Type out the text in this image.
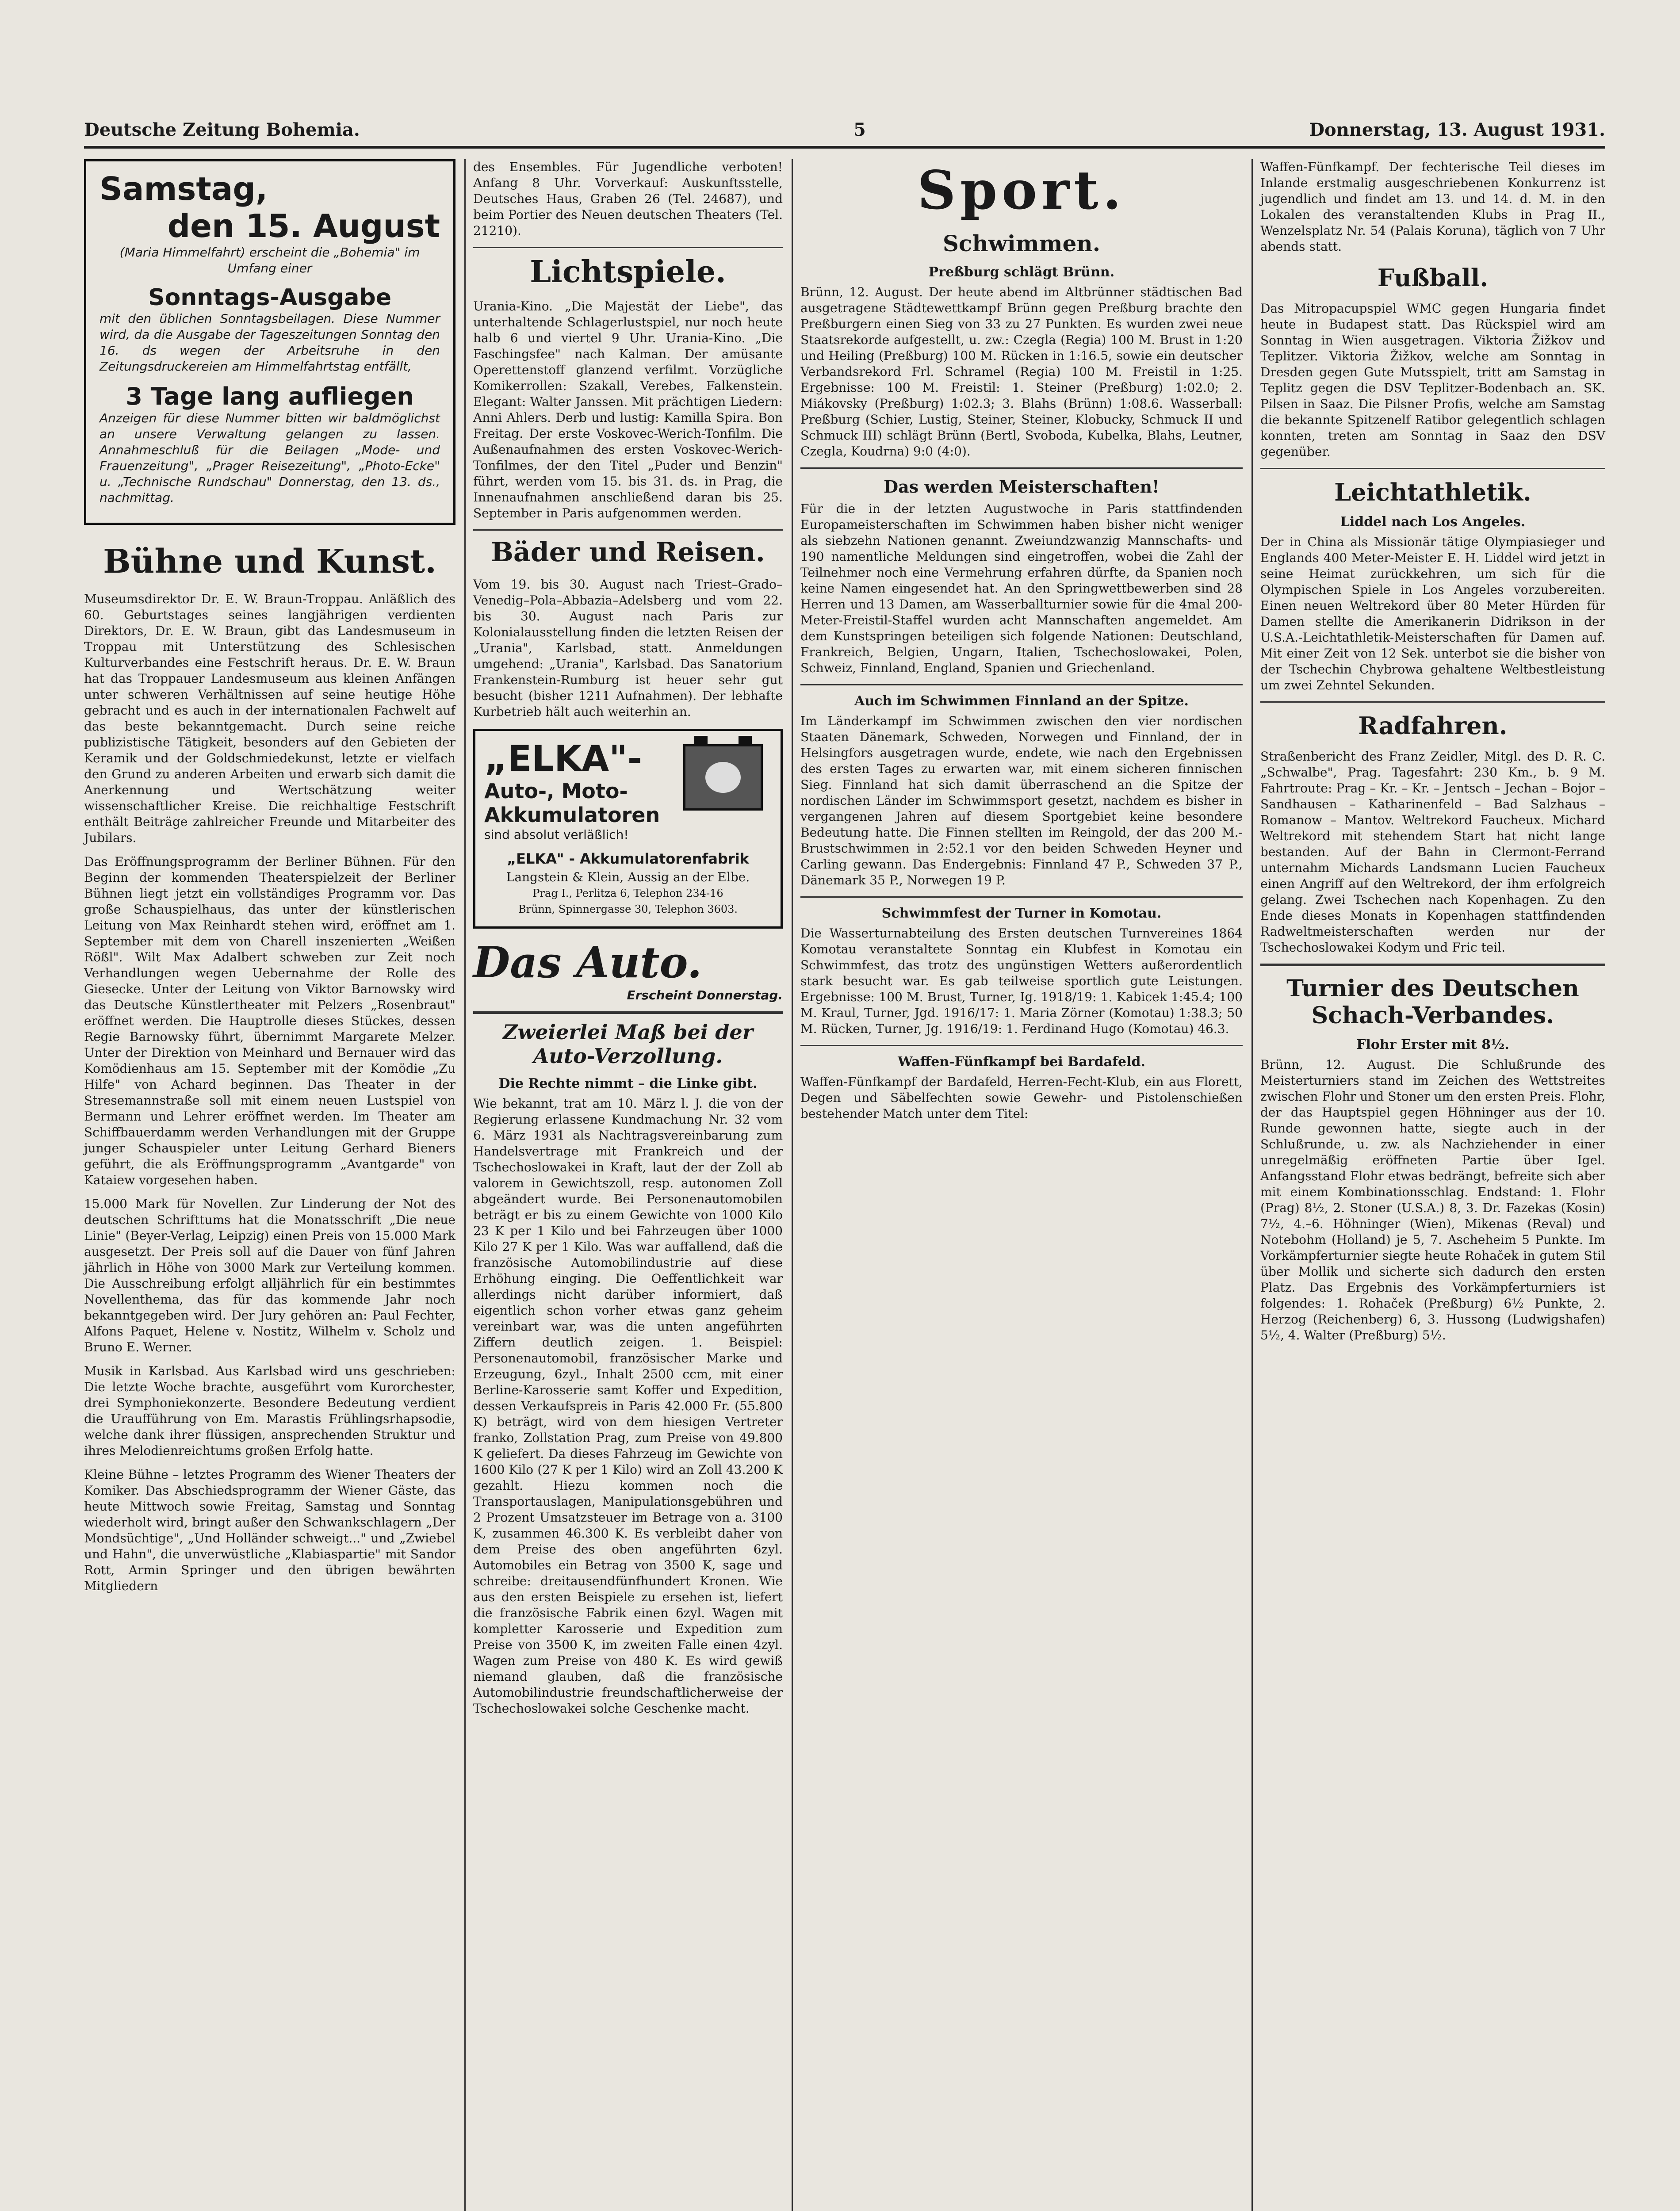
Deutsche Zeitung Bohemia.	5	Donnerstag, 13. August 1931.

Samstag,

den 15. August

(Maria Himmelfahrt) erscheint die „Bohemia" im Umfang einer

Sonntags-Ausgabe

mit den üblichen Sonntagsbeilagen. Diese Nummer wird, da die Ausgabe der Tageszeitungen Sonntag den 16. ds wegen der Arbeitsruhe in den Zeitungsdruckereien am Himmelfahrtstag entfällt,

3 Tage lang aufliegen

Anzeigen für diese Nummer bitten wir baldmöglichst an unsere Verwaltung gelangen zu lassen. Annahmeschluß für die Beilagen „Mode- und Frauenzeitung", „Prager Reisezeitung", „Photo-Ecke" u. „Technische Rundschau" Donnerstag, den 13. ds., nachmittag.

Bühne und Kunst.

Museumsdirektor Dr. E. W. Braun-Troppau. Anläßlich des 60. Geburtstages seines langjährigen verdienten Direktors, Dr. E. W. Braun, gibt das Landesmuseum in Troppau mit Unterstützung des Schlesischen Kulturverbandes eine Festschrift heraus. Dr. E. W. Braun hat das Troppauer Landesmuseum aus kleinen Anfängen unter schweren Verhältnissen auf seine heutige Höhe gebracht und es auch in der internationalen Fachwelt auf das beste bekanntgemacht. Durch seine reiche publizistische Tätigkeit, besonders auf den Gebieten der Keramik und der Goldschmiedekunst, letzte er vielfach den Grund zu anderen Arbeiten und erwarb sich damit die Anerkennung und Wertschätzung weiter wissenschaftlicher Kreise. Die reichhaltige Festschrift enthält Beiträge zahlreicher Freunde und Mitarbeiter des Jubilars.

Das Eröffnungsprogramm der Berliner Bühnen. Für den Beginn der kommenden Theaterspielzeit der Berliner Bühnen liegt jetzt ein vollständiges Programm vor. Das große Schauspielhaus, das unter der künstlerischen Leitung von Max Reinhardt stehen wird, eröffnet am 1. September mit dem von Charell inszenierten „Weißen Rößl". Wilt Max Adalbert schweben zur Zeit noch Verhandlungen wegen Uebernahme der Rolle des Giesecke. Unter der Leitung von Viktor Barnowsky wird das Deutsche Künstlertheater mit Pelzers „Rosenbraut" eröffnet werden. Die Hauptrolle dieses Stückes, dessen Regie Barnowsky führt, übernimmt Margarete Melzer. Unter der Direktion von Meinhard und Bernauer wird das Komödienhaus am 15. September mit der Komödie „Zu Hilfe" von Achard beginnen. Das Theater in der Stresemannstraße soll mit einem neuen Lustspiel von Bermann und Lehrer eröffnet werden. Im Theater am Schiffbauerdamm werden Verhandlungen mit der Gruppe junger Schauspieler unter Leitung Gerhard Bieners geführt, die als Eröffnungsprogramm „Avantgarde" von Kataiew vorgesehen haben.

15.000 Mark für Novellen. Zur Linderung der Not des deutschen Schrifttums hat die Monatsschrift „Die neue Linie" (Beyer-Verlag, Leipzig) einen Preis von 15.000 Mark ausgesetzt. Der Preis soll auf die Dauer von fünf Jahren jährlich in Höhe von 3000 Mark zur Verteilung kommen. Die Ausschreibung erfolgt alljährlich für ein bestimmtes Novellenthema, das für das kommende Jahr noch bekanntgegeben wird. Der Jury gehören an: Paul Fechter, Alfons Paquet, Helene v. Nostitz, Wilhelm v. Scholz und Bruno E. Werner.

Musik in Karlsbad. Aus Karlsbad wird uns geschrieben: Die letzte Woche brachte, ausgeführt vom Kurorchester, drei Symphoniekonzerte. Besondere Bedeutung verdient die Uraufführung von Em. Marastis Frühlingsrhapsodie, welche dank ihrer flüssigen, ansprechenden Struktur und ihres Melodienreichtums großen Erfolg hatte.

Kleine Bühne – letztes Programm des Wiener Theaters der Komiker. Das Abschiedsprogramm der Wiener Gäste, das heute Mittwoch sowie Freitag, Samstag und Sonntag wiederholt wird, bringt außer den Schwankschlagern „Der Mondsüchtige", „Und Holländer schweigt..." und „Zwiebel und Hahn", die unverwüstliche „Klabiaspartie" mit Sandor Rott, Armin Springer und den übrigen bewährten Mitgliedern

des Ensembles. Für Jugendliche verboten! Anfang 8 Uhr. Vorverkauf: Auskunftsstelle, Deutsches Haus, Graben 26 (Tel. 24687), und beim Portier des Neuen deutschen Theaters (Tel. 21210).

Lichtspiele.

Urania-Kino. „Die Majestät der Liebe", das unterhaltende Schlagerlustspiel, nur noch heute halb 6 und viertel 9 Uhr. Urania-Kino. „Die Faschingsfee" nach Kalman. Der amüsante Operettenstoff glanzend verfilmt. Vorzügliche Komikerrollen: Szakall, Verebes, Falkenstein. Elegant: Walter Janssen. Mit prächtigen Liedern: Anni Ahlers. Derb und lustig: Kamilla Spira. Bon Freitag. Der erste Voskovec-Werich-Tonfilm. Die Außenaufnahmen des ersten Voskovec-Werich-Tonfilmes, der den Titel „Puder und Benzin" führt, werden vom 15. bis 31. ds. in Prag, die Innenaufnahmen anschließend daran bis 25. September in Paris aufgenommen werden.

Bäder und Reisen.

Vom 19. bis 30. August nach Triest–Grado–Venedig–Pola–Abbazia–Adelsberg und vom 22. bis 30. August nach Paris zur Kolonialausstellung finden die letzten Reisen der „Urania", Karlsbad, statt. Anmeldungen umgehend: „Urania", Karlsbad. Das Sanatorium Frankenstein-Rumburg ist heuer sehr gut besucht (bisher 1211 Aufnahmen). Der lebhafte Kurbetrieb hält auch weiterhin an.

„ELKA"-

Auto-, Moto-

Akkumulatoren

sind absolut verläßlich!

„ELKA" - Akkumulatorenfabrik

Langstein & Klein, Aussig an der Elbe.

Prag I., Perlitza 6, Telephon 234-16

Brünn, Spinnergasse 30, Telephon 3603.

Das Auto.

Erscheint Donnerstag.

Zweierlei Maß bei der Auto-Verzollung.

Die Rechte nimmt – die Linke gibt.

Wie bekannt, trat am 10. März l. J. die von der Regierung erlassene Kundmachung Nr. 32 vom 6. März 1931 als Nachtragsvereinbarung zum Handelsvertrage mit Frankreich und der Tschechoslowakei in Kraft, laut der der Zoll ab valorem in Gewichtszoll, resp. autonomen Zoll abgeändert wurde. Bei Personenautomobilen beträgt er bis zu einem Gewichte von 1000 Kilo 23 K per 1 Kilo und bei Fahrzeugen über 1000 Kilo 27 K per 1 Kilo. Was war auffallend, daß die französische Automobilindustrie auf diese Erhöhung einging. Die Oeffentlichkeit war allerdings nicht darüber informiert, daß eigentlich schon vorher etwas ganz geheim vereinbart war, was die unten angeführten Ziffern deutlich zeigen. 1. Beispiel: Personenautomobil, französischer Marke und Erzeugung, 6zyl., Inhalt 2500 ccm, mit einer Berline-Karosserie samt Koffer und Expedition, dessen Verkaufspreis in Paris 42.000 Fr. (55.800 K) beträgt, wird von dem hiesigen Vertreter franko, Zollstation Prag, zum Preise von 49.800 K geliefert. Da dieses Fahrzeug im Gewichte von 1600 Kilo (27 K per 1 Kilo) wird an Zoll 43.200 K gezahlt. Hiezu kommen noch die Transportauslagen, Manipulationsgebühren und 2 Prozent Umsatzsteuer im Betrage von a. 3100 K, zusammen 46.300 K. Es verbleibt daher von dem Preise des oben angeführten 6zyl. Automobiles ein Betrag von 3500 K, sage und schreibe: dreitausendfünfhundert Kronen. Wie aus den ersten Beispiele zu ersehen ist, liefert die französische Fabrik einen 6zyl. Wagen mit kompletter Karosserie und Expedition zum Preise von 3500 K, im zweiten Falle einen 4zyl. Wagen zum Preise von 480 K. Es wird gewiß niemand glauben, daß die französische Automobilindustrie freundschaftlicherweise der Tschechoslowakei solche Geschenke macht.

Sport.

Schwimmen.

Preßburg schlägt Brünn.

Brünn, 12. August. Der heute abend im Altbrünner städtischen Bad ausgetragene Städtewettkampf Brünn gegen Preßburg brachte den Preßburgern einen Sieg von 33 zu 27 Punkten. Es wurden zwei neue Staatsrekorde aufgestellt, u. zw.: Czegla (Regia) 100 M. Brust in 1:20 und Heiling (Preßburg) 100 M. Rücken in 1:16.5, sowie ein deutscher Verbandsrekord Frl. Schramel (Regia) 100 M. Freistil in 1:25. Ergebnisse: 100 M. Freistil: 1. Steiner (Preßburg) 1:02.0; 2. Miákovsky (Preßburg) 1:02.3; 3. Blahs (Brünn) 1:08.6. Wasserball: Preßburg (Schier, Lustig, Steiner, Steiner, Klobucky, Schmuck II und Schmuck III) schlägt Brünn (Bertl, Svoboda, Kubelka, Blahs, Leutner, Czegla, Koudrna) 9:0 (4:0).

Das werden Meisterschaften!

Für die in der letzten Augustwoche in Paris stattfindenden Europameisterschaften im Schwimmen haben bisher nicht weniger als siebzehn Nationen genannt. Zweiundzwanzig Mannschafts- und 190 namentliche Meldungen sind eingetroffen, wobei die Zahl der Teilnehmer noch eine Vermehrung erfahren dürfte, da Spanien noch keine Namen eingesendet hat. An den Springwettbewerben sind 28 Herren und 13 Damen, am Wasserballturnier sowie für die 4mal 200-Meter-Freistil-Staffel wurden acht Mannschaften angemeldet. Am dem Kunstspringen beteiligen sich folgende Nationen: Deutschland, Frankreich, Belgien, Ungarn, Italien, Tschechoslowakei, Polen, Schweiz, Finnland, England, Spanien und Griechenland.

Auch im Schwimmen Finnland an der Spitze.

Im Länderkampf im Schwimmen zwischen den vier nordischen Staaten Dänemark, Schweden, Norwegen und Finnland, der in Helsingfors ausgetragen wurde, endete, wie nach den Ergebnissen des ersten Tages zu erwarten war, mit einem sicheren finnischen Sieg. Finnland hat sich damit überraschend an die Spitze der nordischen Länder im Schwimmsport gesetzt, nachdem es bisher in vergangenen Jahren auf diesem Sportgebiet keine besondere Bedeutung hatte. Die Finnen stellten im Reingold, der das 200 M.-Brustschwimmen in 2:52.1 vor den beiden Schweden Heyner und Carling gewann. Das Endergebnis: Finnland 47 P., Schweden 37 P., Dänemark 35 P., Norwegen 19 P.

Schwimmfest der Turner in Komotau.

Die Wasserturnabteilung des Ersten deutschen Turnvereines 1864 Komotau veranstaltete Sonntag ein Klubfest in Komotau ein Schwimmfest, das trotz des ungünstigen Wetters außerordentlich stark besucht war. Es gab teilweise sportlich gute Leistungen. Ergebnisse: 100 M. Brust, Turner, Ig. 1918/19: 1. Kabicek 1:45.4; 100 M. Kraul, Turner, Jgd. 1916/17: 1. Maria Zörner (Komotau) 1:38.3; 50 M. Rücken, Turner, Jg. 1916/19: 1. Ferdinand Hugo (Komotau) 46.3.

Waffen-Fünfkampf bei Bardafeld.

Waffen-Fünfkampf der Bardafeld, Herren-Fecht-Klub, ein aus Florett, Degen und Säbelfechten sowie Gewehr- und Pistolenschießen bestehender Match unter dem Titel:

Waffen-Fünfkampf. Der fechterische Teil dieses im Inlande erstmalig ausgeschriebenen Konkurrenz ist jugendlich und findet am 13. und 14. d. M. in den Lokalen des veranstaltenden Klubs in Prag II., Wenzelsplatz Nr. 54 (Palais Koruna), täglich von 7 Uhr abends statt.

Fußball.

Das Mitropacupspiel WMC gegen Hungaria findet heute in Budapest statt. Das Rückspiel wird am Sonntag in Wien ausgetragen. Viktoria Žižkov und Teplitzer. Viktoria Žižkov, welche am Sonntag in Dresden gegen Gute Mutsspielt, tritt am Samstag in Teplitz gegen die DSV Teplitzer-Bodenbach an. SK. Pilsen in Saaz. Die Pilsner Profis, welche am Samstag die bekannte Spitzenelf Ratibor gelegentlich schlagen konnten, treten am Sonntag in Saaz den DSV gegenüber.

Leichtathletik.

Liddel nach Los Angeles.

Der in China als Missionär tätige Olympiasieger und Englands 400 Meter-Meister E. H. Liddel wird jetzt in seine Heimat zurückkehren, um sich für die Olympischen Spiele in Los Angeles vorzubereiten. Einen neuen Weltrekord über 80 Meter Hürden für Damen stellte die Amerikanerin Didrikson in der U.S.A.-Leichtathletik-Meisterschaften für Damen auf. Mit einer Zeit von 12 Sek. unterbot sie die bisher von der Tschechin Chybrowa gehaltene Weltbestleistung um zwei Zehntel Sekunden.

Radfahren.

Straßenbericht des Franz Zeidler, Mitgl. des D. R. C. „Schwalbe", Prag. Tagesfahrt: 230 Km., b. 9 M. Fahrtroute: Prag – Kr. – Kr. – Jentsch – Jechan – Bojor – Sandhausen – Katharinenfeld – Bad Salzhaus – Romanow – Mantov. Weltrekord Faucheux. Michard Weltrekord mit stehendem Start hat nicht lange bestanden. Auf der Bahn in Clermont-Ferrand unternahm Michards Landsmann Lucien Faucheux einen Angriff auf den Weltrekord, der ihm erfolgreich gelang. Zwei Tschechen nach Kopenhagen. Zu den Ende dieses Monats in Kopenhagen stattfindenden Radweltmeisterschaften werden nur der Tschechoslowakei Kodym und Fric teil.

Turnier des Deutschen Schach-Verbandes.

Flohr Erster mit 8½.

Brünn, 12. August. Die Schlußrunde des Meisterturniers stand im Zeichen des Wettstreites zwischen Flohr und Stoner um den ersten Preis. Flohr, der das Hauptspiel gegen Höhninger aus der 10. Runde gewonnen hatte, siegte auch in der Schlußrunde, u. zw. als Nachziehender in einer unregelmäßig eröffneten Partie über Igel. Anfangsstand Flohr etwas bedrängt, befreite sich aber mit einem Kombinationsschlag. Endstand: 1. Flohr (Prag) 8½, 2. Stoner (U.S.A.) 8, 3. Dr. Fazekas (Kosin) 7½, 4.–6. Höhninger (Wien), Mikenas (Reval) und Notebohm (Holland) je 5, 7. Ascheheim 5 Punkte. Im Vorkämpferturnier siegte heute Rohaček in gutem Stil über Mollik und sicherte sich dadurch den ersten Platz. Das Ergebnis des Vorkämpferturniers ist folgendes: 1. Rohaček (Preßburg) 6½ Punkte, 2. Herzog (Reichenberg) 6, 3. Hussong (Ludwigshafen) 5½, 4. Walter (Preßburg) 5½.
